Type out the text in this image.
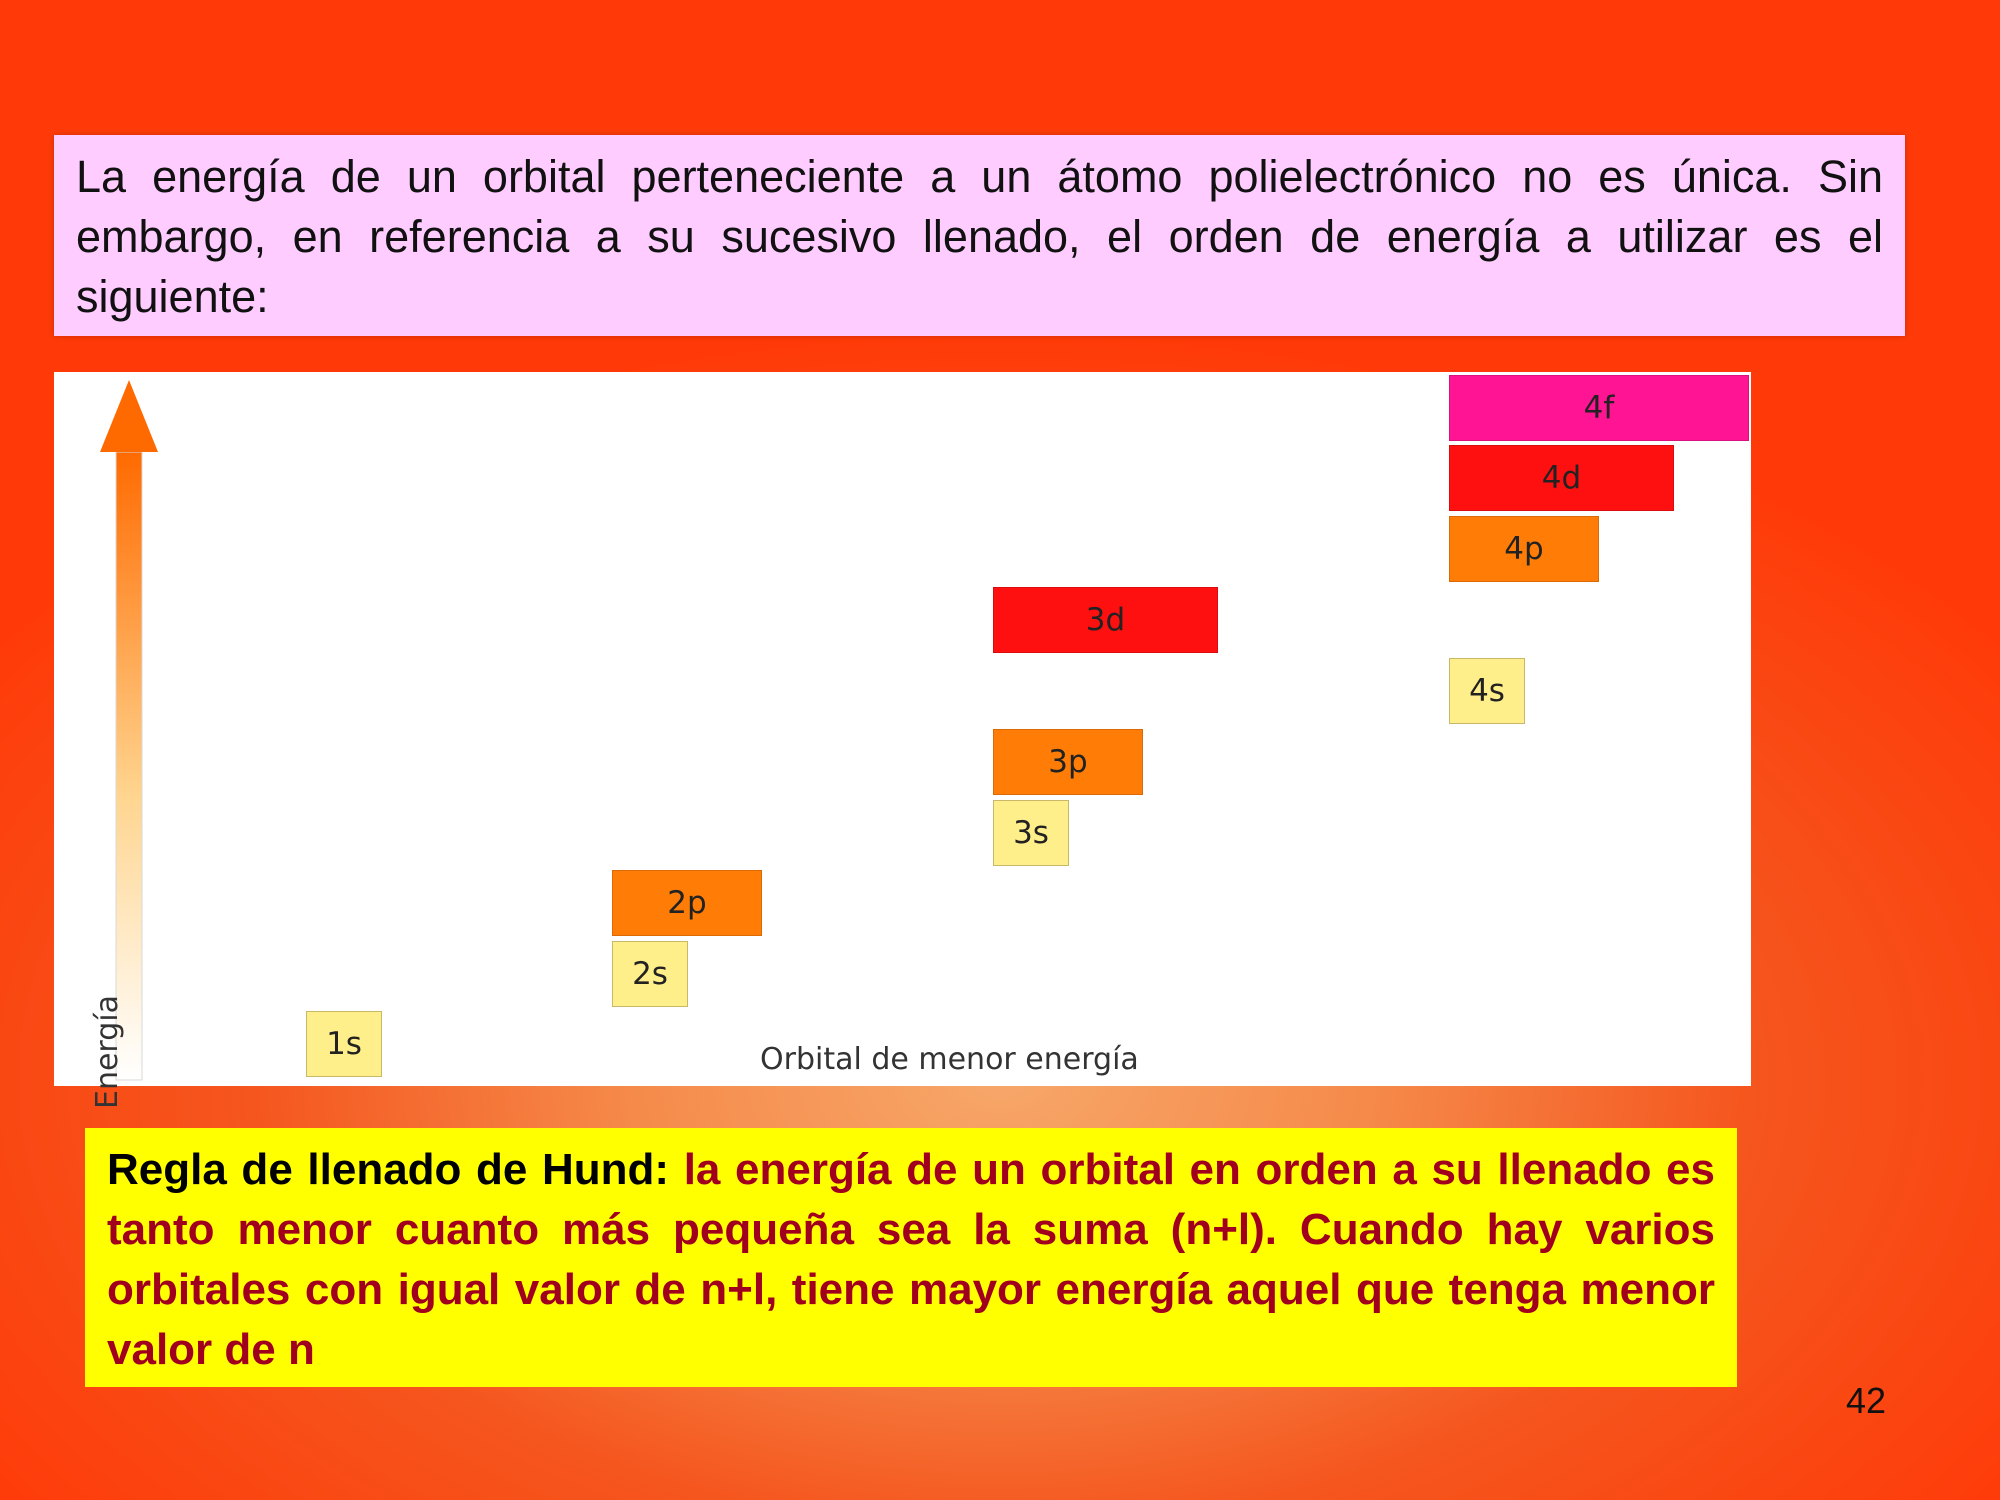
La energía de un orbital perteneciente a un átomo polielectrónico no es única. Sin embargo, en referencia a su sucesivo llenado, el orden de energía a utilizar es el siguiente:
Energía	1s
2s
2p
3s
3p
3d
4s
4p
4d
4f
Orbital de menor energía
Regla de llenado de Hund: la energía de un orbital en orden a su llenado es tanto menor cuanto más pequeña sea la suma (n+l). Cuando hay varios orbitales con igual valor de n+l, tiene mayor energía aquel que tenga menor valor de n
42
